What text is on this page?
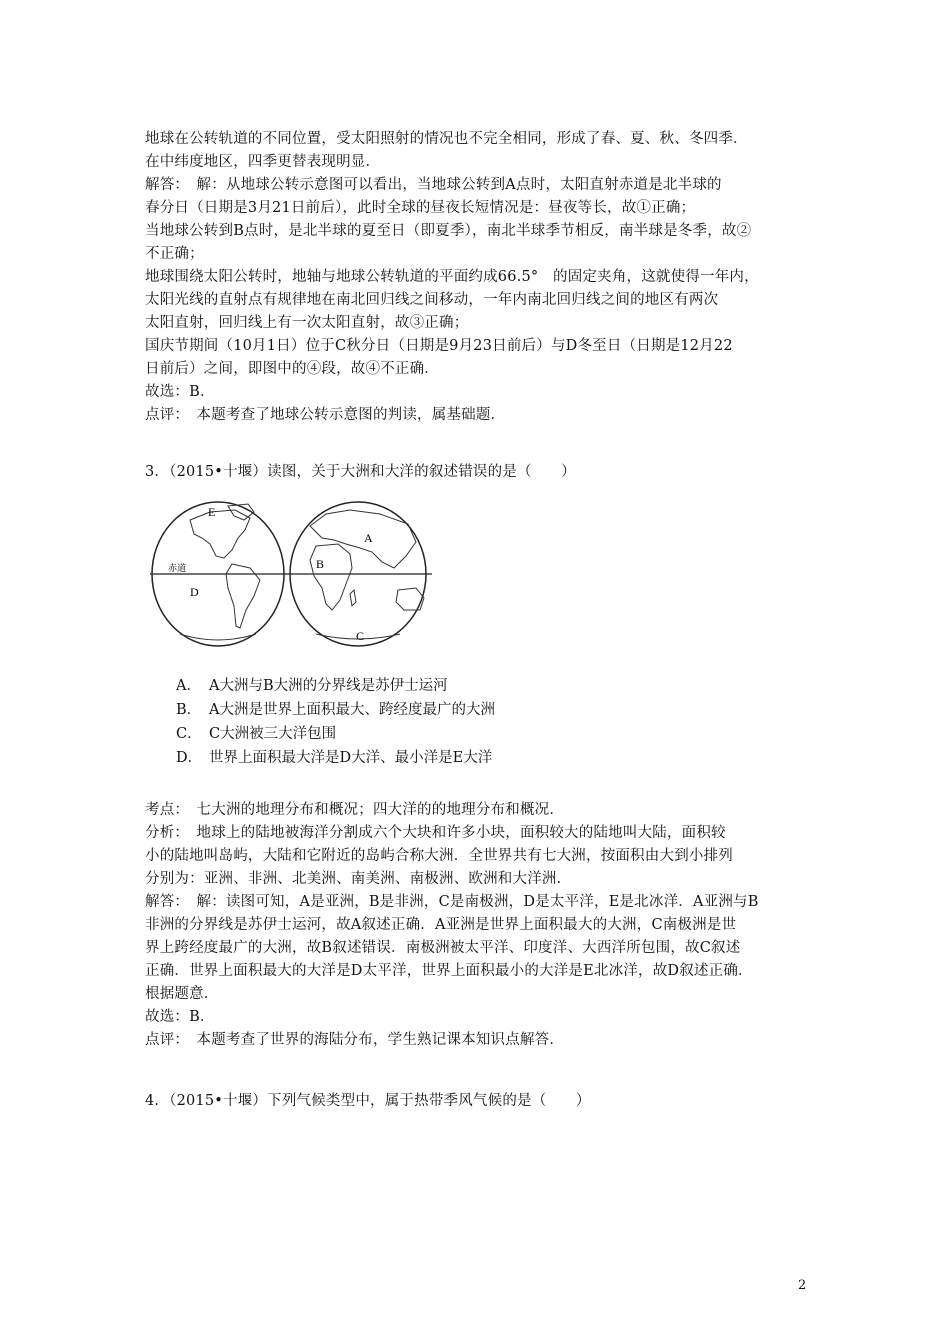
地球在公转轨道的不同位置，受太阳照射的情况也不完全相同，形成了春、夏、秋、冬四季．
在中纬度地区，四季更替表现明显．
解答：　解：从地球公转示意图可以看出，当地球公转到A点时，太阳直射赤道是北半球的
春分日（日期是3月21日前后），此时全球的昼夜长短情况是：昼夜等长，故①正确；
当地球公转到B点时，是北半球的夏至日（即夏季），南北半球季节相反，南半球是冬季，故②
不正确；
地球围绕太阳公转时，地轴与地球公转轨道的平面约成66.5°　的固定夹角，这就使得一年内，
太阳光线的直射点有规律地在南北回归线之间移动，一年内南北回归线之间的地区有两次
太阳直射，回归线上有一次太阳直射，故③正确；
国庆节期间（10月1日）位于C秋分日（日期是9月23日前后）与D冬至日（日期是12月22
日前后）之间，即图中的④段，故④不正确．
故选：B．
点评：　本题考查了地球公转示意图的判读，属基础题．
3．（2015•十堰）读图，关于大洲和大洋的叙述错误的是（　　）
E
A
B
C
D
赤道
A． A大洲与B大洲的分界线是苏伊士运河
B． A大洲是世界上面积最大、跨经度最广的大洲
C． C大洲被三大洋包围
D． 世界上面积最大洋是D大洋、最小洋是E大洋
考点：　七大洲的地理分布和概况；四大洋的的地理分布和概况．
分析：　地球上的陆地被海洋分割成六个大块和许多小块，面积较大的陆地叫大陆，面积较
小的陆地叫岛屿，大陆和它附近的岛屿合称大洲．全世界共有七大洲，按面积由大到小排列
分别为：亚洲、非洲、北美洲、南美洲、南极洲、欧洲和大洋洲．
解答：　解：读图可知，A是亚洲，B是非洲，C是南极洲，D是太平洋，E是北冰洋．A亚洲与B
非洲的分界线是苏伊士运河，故A叙述正确．A亚洲是世界上面积最大的大洲，C南极洲是世
界上跨经度最广的大洲，故B叙述错误．南极洲被太平洋、印度洋、大西洋所包围，故C叙述
正确．世界上面积最大的大洋是D太平洋，世界上面积最小的大洋是E北冰洋，故D叙述正确．
根据题意．
故选：B．
点评：　本题考查了世界的海陆分布，学生熟记课本知识点解答．
4．（2015•十堰）下列气候类型中，属于热带季风气候的是（　　）
2
